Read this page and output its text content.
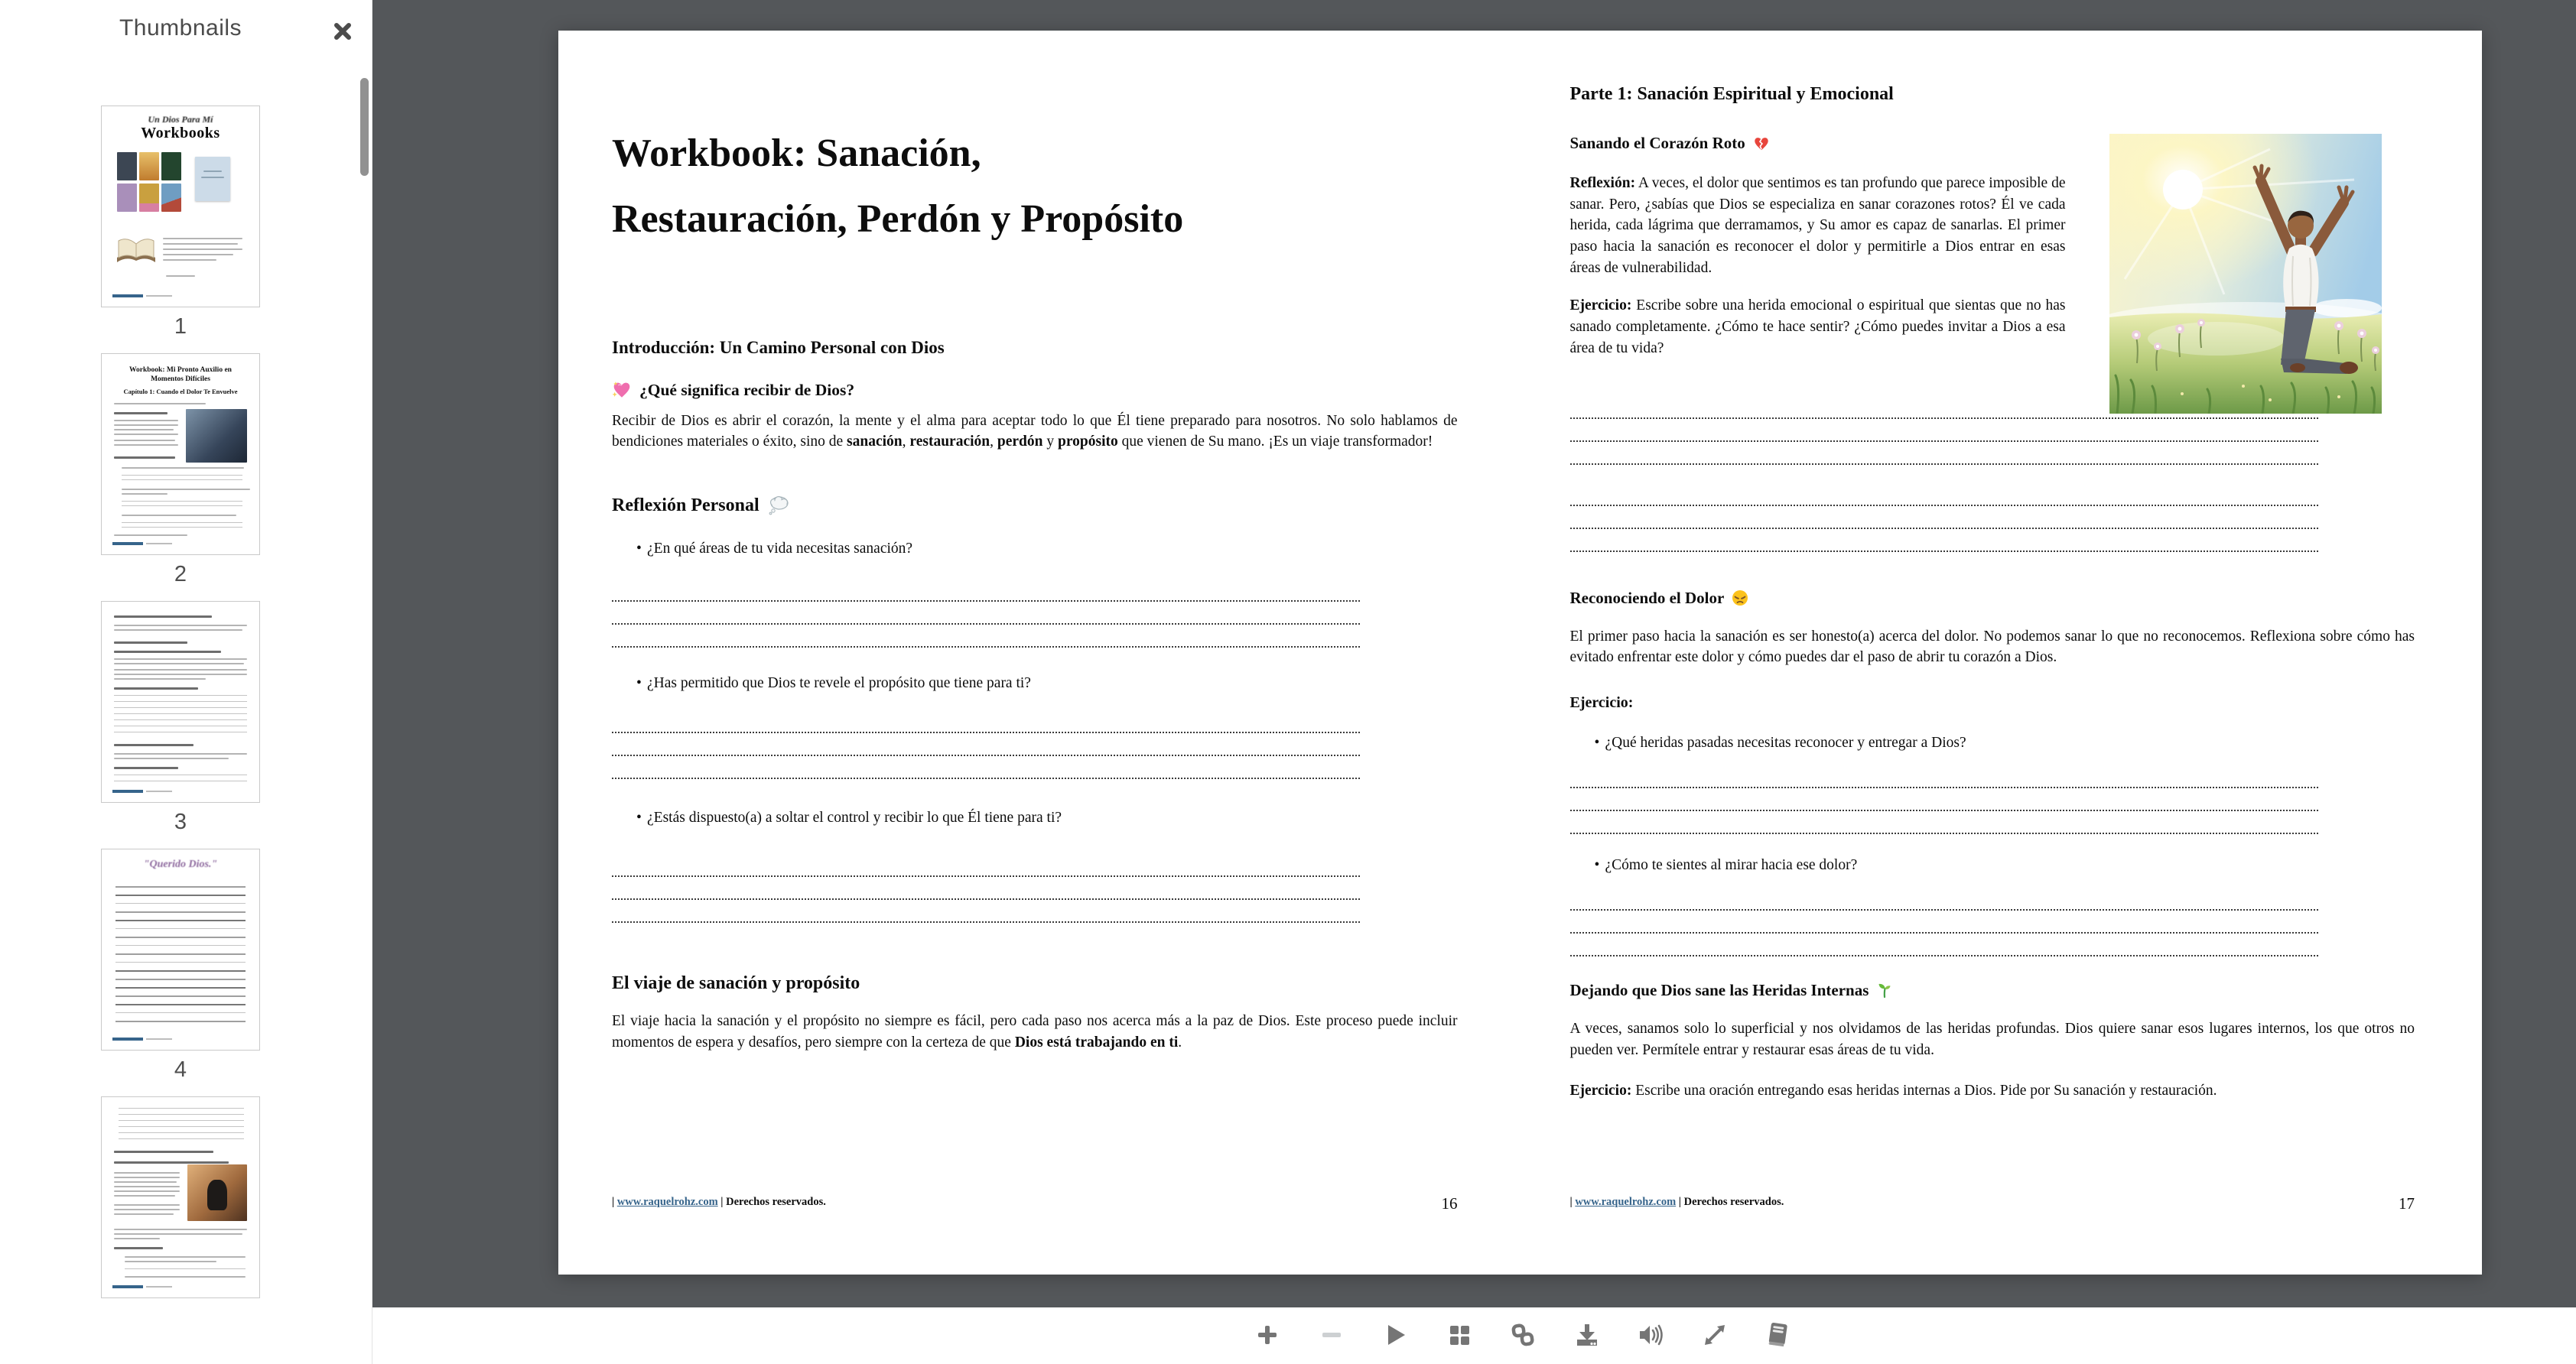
Thumbnails
Un Dios Para Mí
Workbooks
1
Workbook: Mi Pronto Auxilio en Momentos Difíciles
Capítulo 1: Cuando el Dolor Te Envuelve
2
3
"Querido Dios."
4
Workbook: Sanación,
Restauración, Perdón y Propósito
Introducción: Un Camino Personal con Dios
¿Qué significa recibir de Dios?
Recibir de Dios es abrir el corazón, la mente y el alma para aceptar todo lo que Él tiene preparado para nosotros. No solo hablamos de bendiciones materiales o éxito, sino de sanación, restauración, perdón y propósito que vienen de Su mano. ¡Es un viaje transformador!
Reflexión Personal
• ¿En qué áreas de tu vida necesitas sanación?
• ¿Has permitido que Dios te revele el propósito que tiene para ti?
• ¿Estás dispuesto(a) a soltar el control y recibir lo que Él tiene para ti?
El viaje de sanación y propósito
El viaje hacia la sanación y el propósito no siempre es fácil, pero cada paso nos acerca más a la paz de Dios. Este proceso puede incluir momentos de espera y desafíos, pero siempre con la certeza de que Dios está trabajando en ti.
| www.raquelrohz.com | Derechos reservados.	16
Parte 1: Sanación Espiritual y Emocional
Sanando el Corazón Roto
Reflexión: A veces, el dolor que sentimos es tan profundo que parece imposible de sanar. Pero, ¿sabías que Dios se especializa en sanar corazones rotos? Él ve cada herida, cada lágrima que derramamos, y Su amor es capaz de sanarlas. El primer paso hacia la sanación es reconocer el dolor y permitirle a Dios entrar en esas áreas de vulnerabilidad.
Ejercicio: Escribe sobre una herida emocional o espiritual que sientas que no has sanado completamente. ¿Cómo te hace sentir? ¿Cómo puedes invitar a Dios a esa área de tu vida?
Reconociendo el Dolor
El primer paso hacia la sanación es ser honesto(a) acerca del dolor. No podemos sanar lo que no reconocemos. Reflexiona sobre cómo has evitado enfrentar este dolor y cómo puedes dar el paso de abrir tu corazón a Dios.
Ejercicio:
• ¿Qué heridas pasadas necesitas reconocer y entregar a Dios?
• ¿Cómo te sientes al mirar hacia ese dolor?
Dejando que Dios sane las Heridas Internas
A veces, sanamos solo lo superficial y nos olvidamos de las heridas profundas. Dios quiere sanar esos lugares internos, los que otros no pueden ver. Permítele entrar y restaurar esas áreas de tu vida.
Ejercicio: Escribe una oración entregando esas heridas internas a Dios. Pide por Su sanación y restauración.
| www.raquelrohz.com | Derechos reservados.	17
